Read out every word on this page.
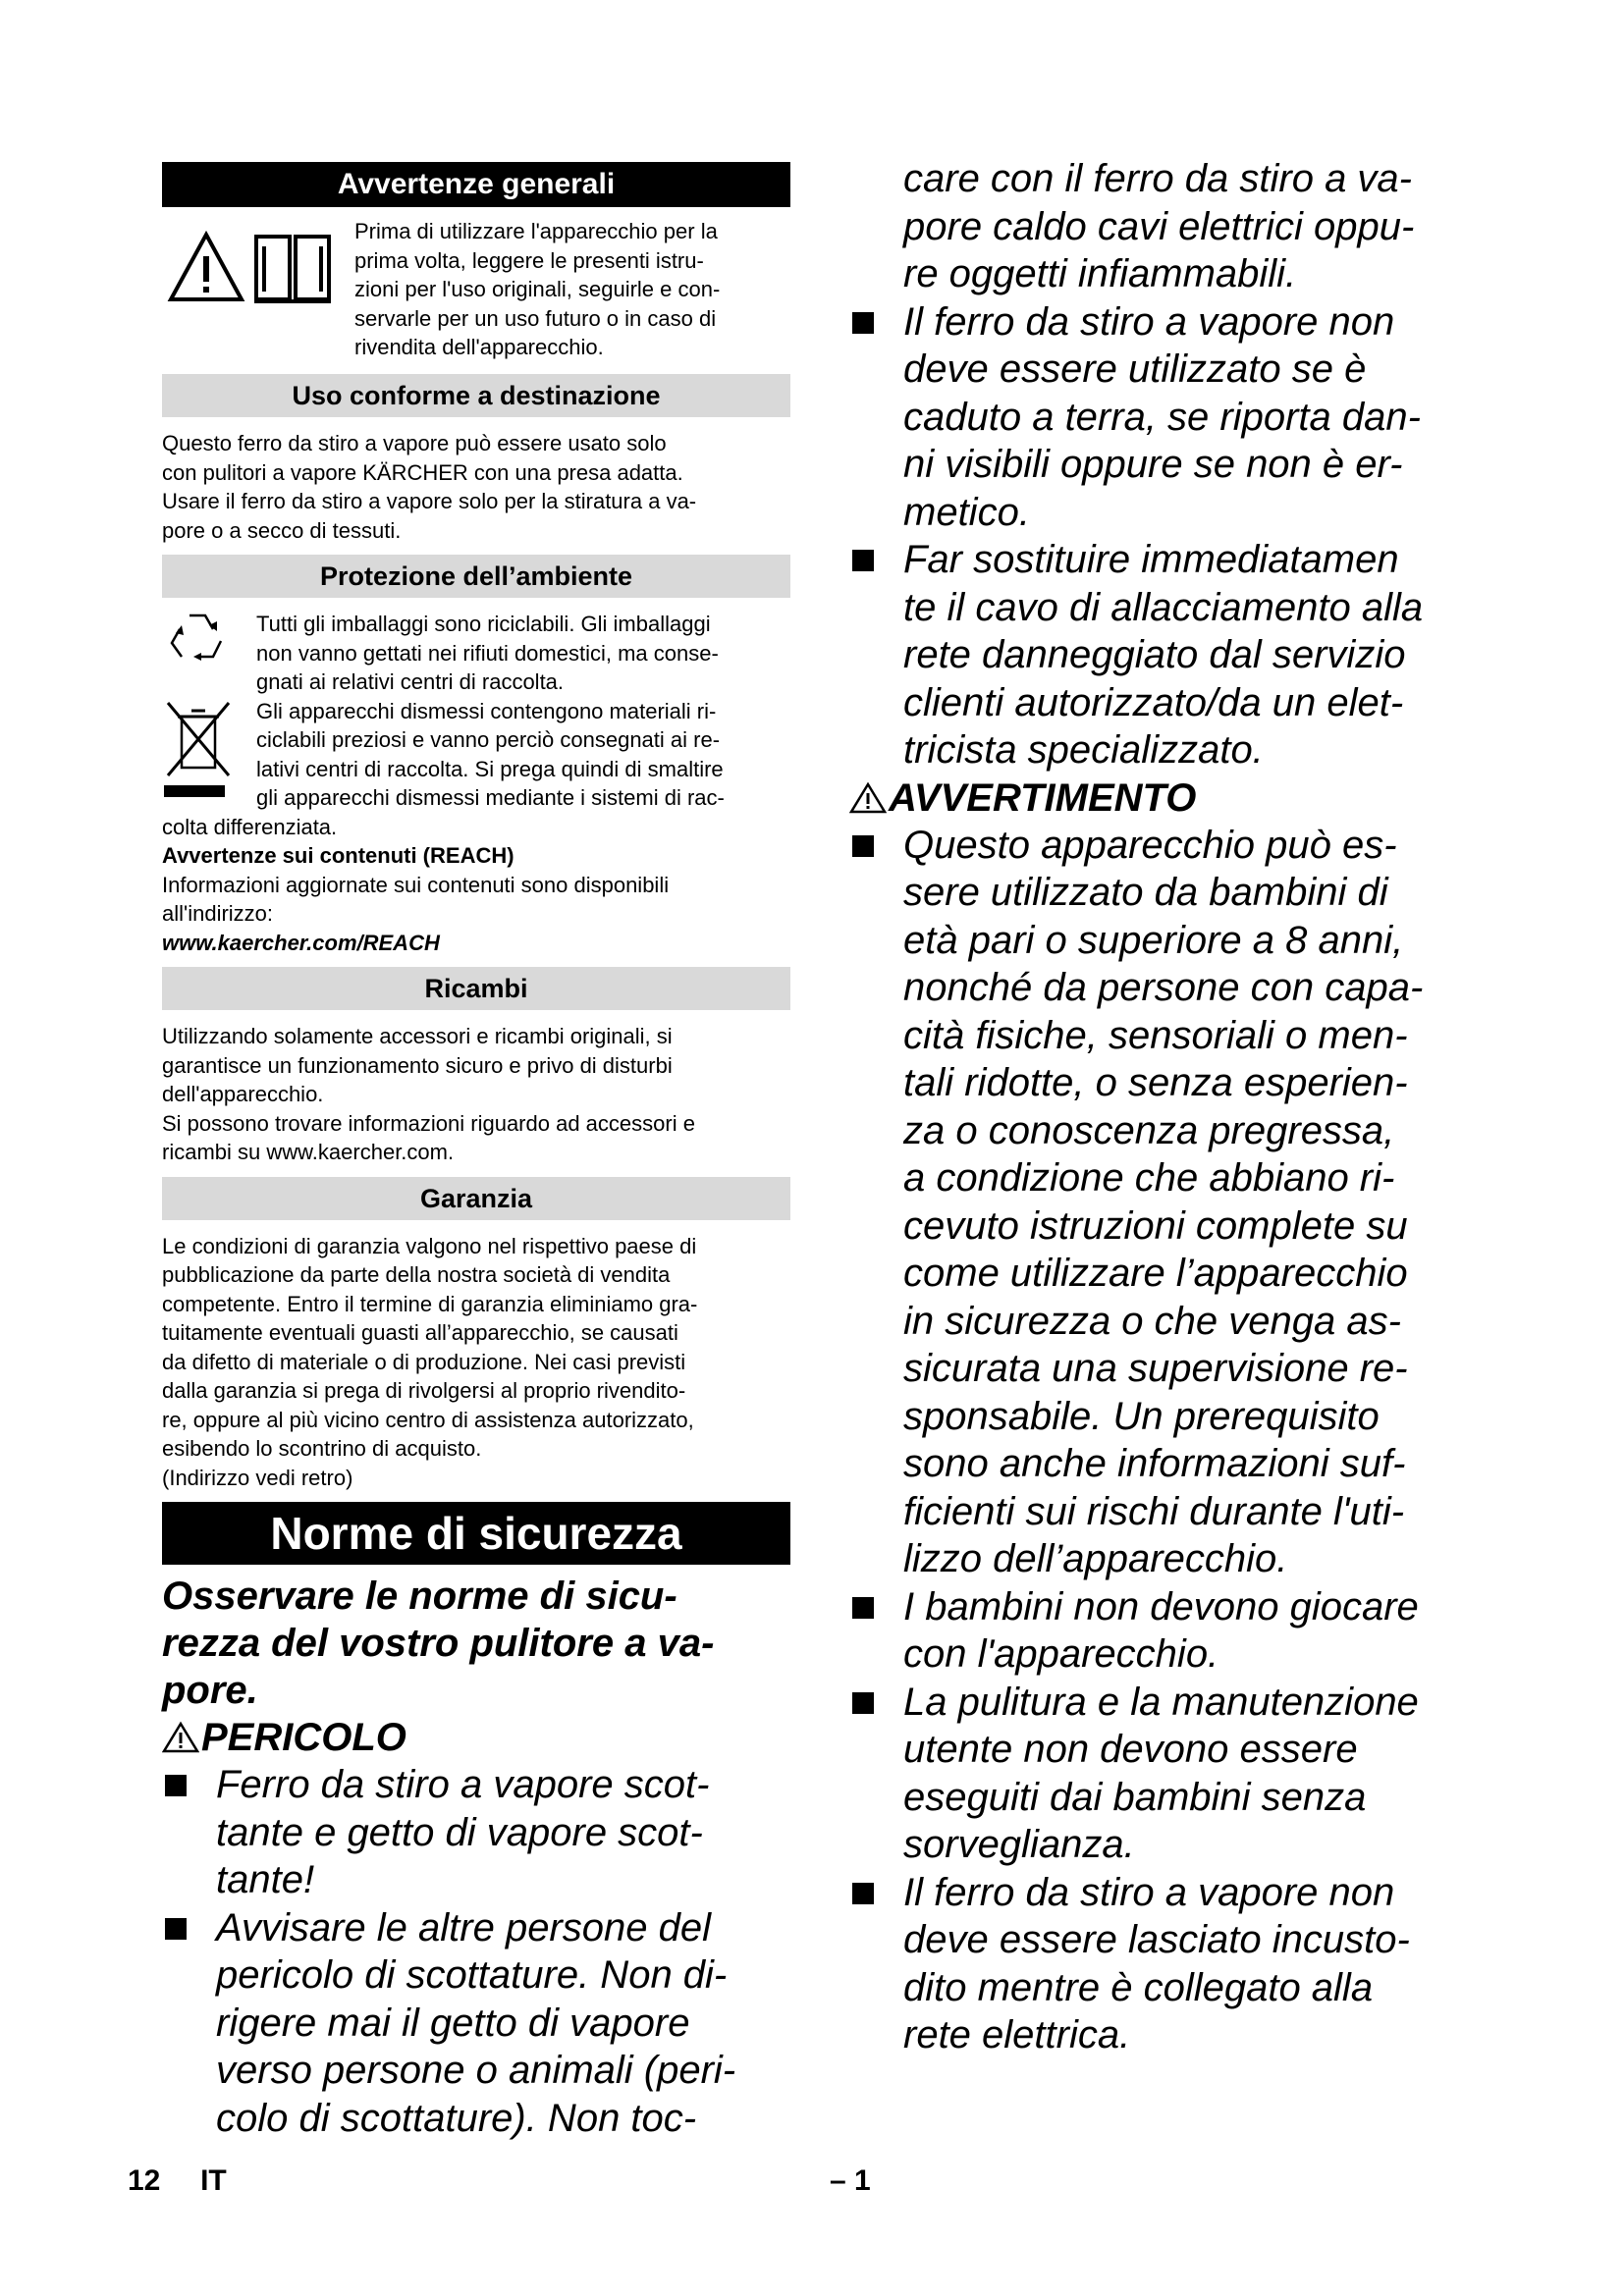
Avvertenze generali

Prima di utilizzare l'apparecchio per la

prima volta, leggere le presenti istru-

zioni per l'uso originali, seguirle e con-

servarle per un uso futuro o in caso di

rivendita dell'apparecchio.

Uso conforme a destinazione

Questo ferro da stiro a vapore può essere usato solo

con pulitori a vapore KÄRCHER con una presa adatta.

Usare il ferro da stiro a vapore solo per la stiratura a va-

pore o a secco di tessuti.

Protezione dell’ambiente

Tutti gli imballaggi sono riciclabili. Gli imballaggi

non vanno gettati nei rifiuti domestici, ma conse-

gnati ai relativi centri di raccolta.

Gli apparecchi dismessi contengono materiali ri-

ciclabili preziosi e vanno perciò consegnati ai re-

lativi centri di raccolta. Si prega quindi di smaltire

gli apparecchi dismessi mediante i sistemi di rac-

colta differenziata.

Avvertenze sui contenuti (REACH)

Informazioni aggiornate sui contenuti sono disponibili

all'indirizzo:

www.kaercher.com/REACH

Ricambi

Utilizzando solamente accessori e ricambi originali, si

garantisce un funzionamento sicuro e privo di disturbi

dell'apparecchio.

Si possono trovare informazioni riguardo ad accessori e

ricambi su www.kaercher.com.

Garanzia

Le condizioni di garanzia valgono nel rispettivo paese di

pubblicazione da parte della nostra società di vendita

competente. Entro il termine di garanzia eliminiamo gra-

tuitamente eventuali guasti all’apparecchio, se causati

da difetto di materiale o di produzione. Nei casi previsti

dalla garanzia si prega di rivolgersi al proprio rivendito-

re, oppure al più vicino centro di assistenza autorizzato,

esibendo lo scontrino di acquisto.

(Indirizzo vedi retro)

Norme di sicurezza

Osservare le norme di sicu-

rezza del vostro pulitore a va-

pore.

PERICOLO
Ferro da stiro a vapore scot-
tante e getto di vapore scot-
tante!
Avvisare le altre persone del
pericolo di scottature. Non di-
rigere mai il getto di vapore
verso persone o animali (peri-
colo di scottature). Non toc-

care con il ferro da stiro a va-

pore caldo cavi elettrici oppu-

re oggetti infiammabili.

Il ferro da stiro a vapore non
deve essere utilizzato se è
caduto a terra, se riporta dan-
ni visibili oppure se non è er-
metico.
Far sostituire immediatamen
te il cavo di allacciamento alla
rete danneggiato dal servizio
clienti autorizzato/da un elet-
tricista specializzato.
AVVERTIMENTO
Questo apparecchio può es-
sere utilizzato da bambini di
età pari o superiore a 8 anni,
nonché da persone con capa-
cità fisiche, sensoriali o men-
tali ridotte, o senza esperien-
za o conoscenza pregressa,
a condizione che abbiano ri-
cevuto istruzioni complete su
come utilizzare l’apparecchio
in sicurezza o che venga as-
sicurata una supervisione re-
sponsabile. Un prerequisito
sono anche informazioni suf-
ficienti sui rischi durante l'uti-
lizzo dell’apparecchio.
I bambini non devono giocare
con l'apparecchio.
La pulitura e la manutenzione
utente non devono essere
eseguiti dai bambini senza
sorveglianza.
Il ferro da stiro a vapore non
deve essere lasciato incusto-
dito mentre è collegato alla
rete elettrica.
12 IT	– 1
